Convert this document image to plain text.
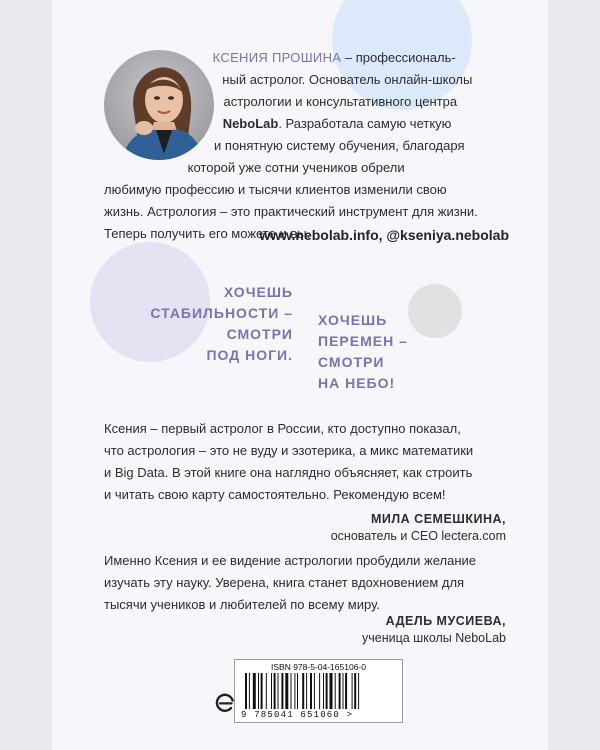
КСЕНИЯ ПРОШИНА – профессиональ-
ный астролог. Основатель онлайн-школы
астрологии и консультативного центра
NeboLab. Разработала самую четкую
и понятную систему обучения, благодаря
которой уже сотни учеников обрели
любимую профессию и тысячи клиентов изменили свою
жизнь. Астрология – это практический инструмент для жизни.
Теперь получить его можете и вы.
www.nebolab.info, @kseniya.nebolab
ХОЧЕШЬ
СТАБИЛЬНОСТИ –
СМОТРИ
ПОД НОГИ.
ХОЧЕШЬ
ПЕРЕМЕН –
СМОТРИ
НА НЕБО!
Ксения – первый астролог в России, кто доступно показал,
что астрология – это не вуду и эзотерика, а микс математики
и Big Data. В этой книге она наглядно объясняет, как строить
и читать свою карту самостоятельно. Рекомендую всем!
МИЛА СЕМЕШКИНА,
основатель и CEO lectera.com
Именно Ксения и ее видение астрологии пробудили желание
изучать эту науку. Уверена, книга станет вдохновением для
тысячи учеников и любителей по всему миру.
АДЕЛЬ МУСИЕВА,
ученица школы NeboLab
ISBN 978-5-04-165106-0
9 785041 651060 >
